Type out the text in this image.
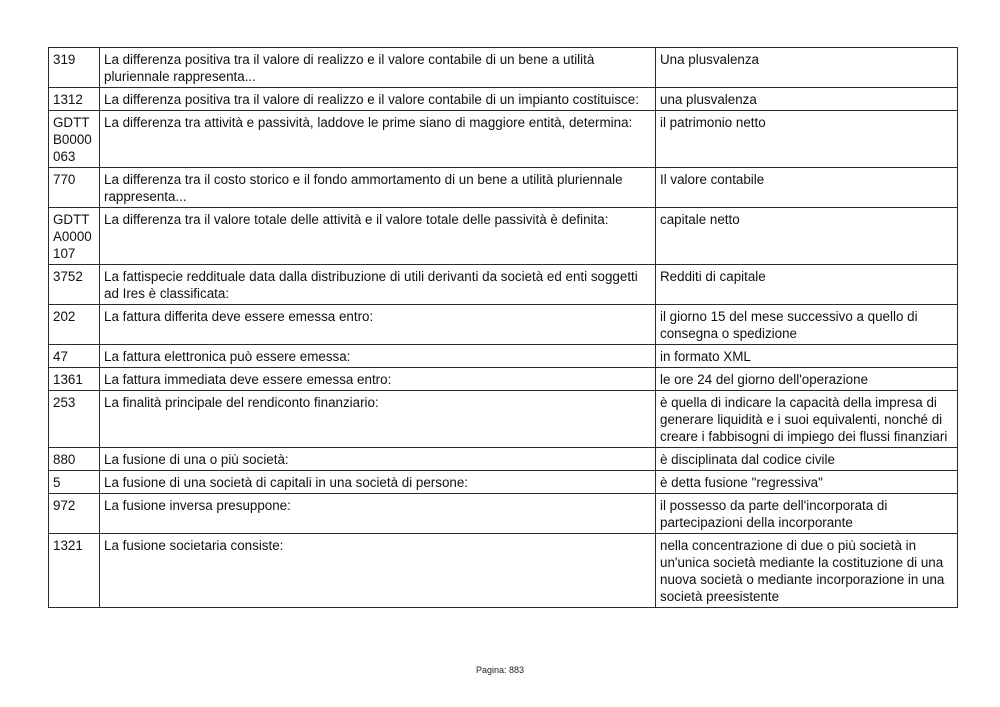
319	La differenza positiva tra il valore di realizzo e il valore contabile di un bene a utilità pluriennale rappresenta...	Una plusvalenza
1312	La differenza positiva tra il valore di realizzo e il valore contabile di un impianto costituisce:	una plusvalenza
GDTTB0000063	La differenza tra attività e passività, laddove le prime siano di maggiore entità, determina:	il patrimonio netto
770	La differenza tra il costo storico e il fondo ammortamento di un bene a utilità pluriennale rappresenta...	Il valore contabile
GDTTA0000107	La differenza tra il valore totale delle attività e il valore totale delle passività è definita:	capitale netto
3752	La fattispecie reddituale data dalla distribuzione di utili derivanti da società ed enti soggetti ad Ires è classificata:	Redditi di capitale
202	La fattura differita deve essere emessa entro:	il giorno 15 del mese successivo a quello di consegna o spedizione
47	La fattura elettronica può essere emessa:	in formato XML
1361	La fattura immediata deve essere emessa entro:	le ore 24 del giorno dell'operazione
253	La finalità principale del rendiconto finanziario:	è quella di indicare la capacità della impresa di generare liquidità e i suoi equivalenti, nonché di creare i fabbisogni di impiego dei flussi finanziari
880	La fusione di una o più società:	è disciplinata dal codice civile
5	La fusione di una società di capitali in una società di persone:	è detta fusione "regressiva"
972	La fusione inversa presuppone:	il possesso da parte dell'incorporata di partecipazioni della incorporante
1321	La fusione societaria consiste:	nella concentrazione di due o più società in un'unica società mediante la costituzione di una nuova società o mediante incorporazione in una società preesistente
Pagina: 883
